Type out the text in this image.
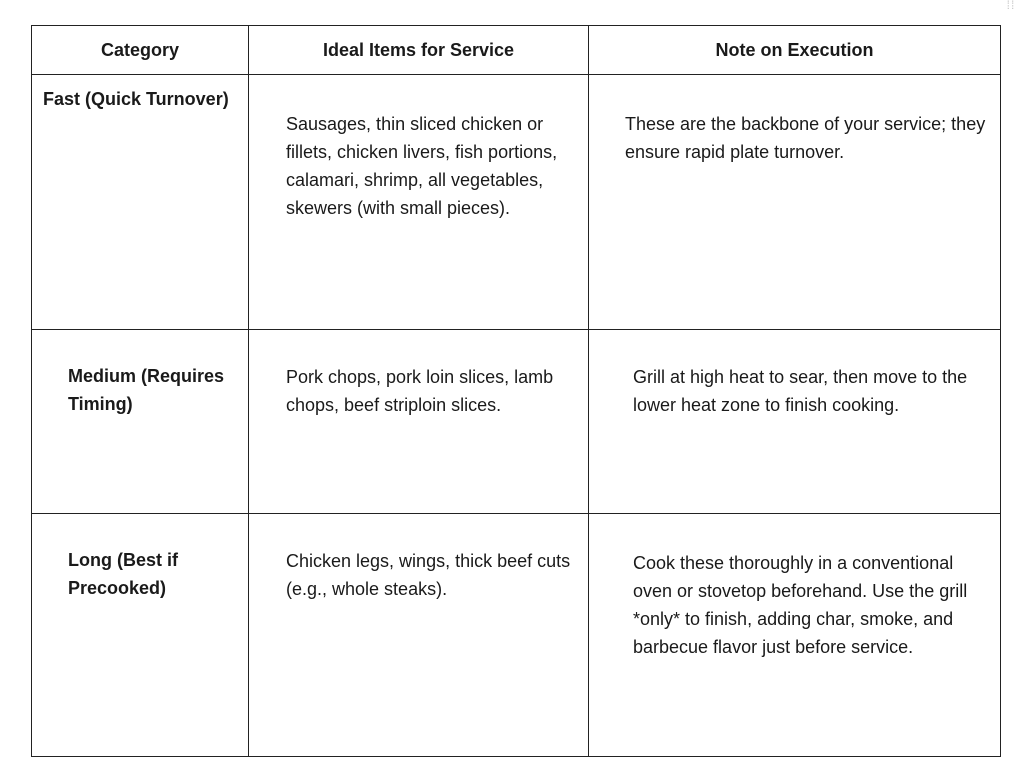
⁞⁞
Category	Ideal Items for Service	Note on Execution
Fast (Quick Turnover)	Sausages, thin sliced chicken or fillets, chicken livers, fish portions, calamari, shrimp, all vegetables, skewers (with small pieces).	These are the backbone of your service; they ensure rapid plate turnover.
Medium (Requires Timing)	Pork chops, pork loin slices, lamb chops, beef striploin slices.	Grill at high heat to sear, then move to the lower heat zone to finish cooking.
Long (Best if Precooked)	Chicken legs, wings, thick beef cuts (e.g., whole steaks).	Cook these thoroughly in a conventional oven or stovetop beforehand. Use the grill *only* to finish, adding char, smoke, and barbecue flavor just before service.
